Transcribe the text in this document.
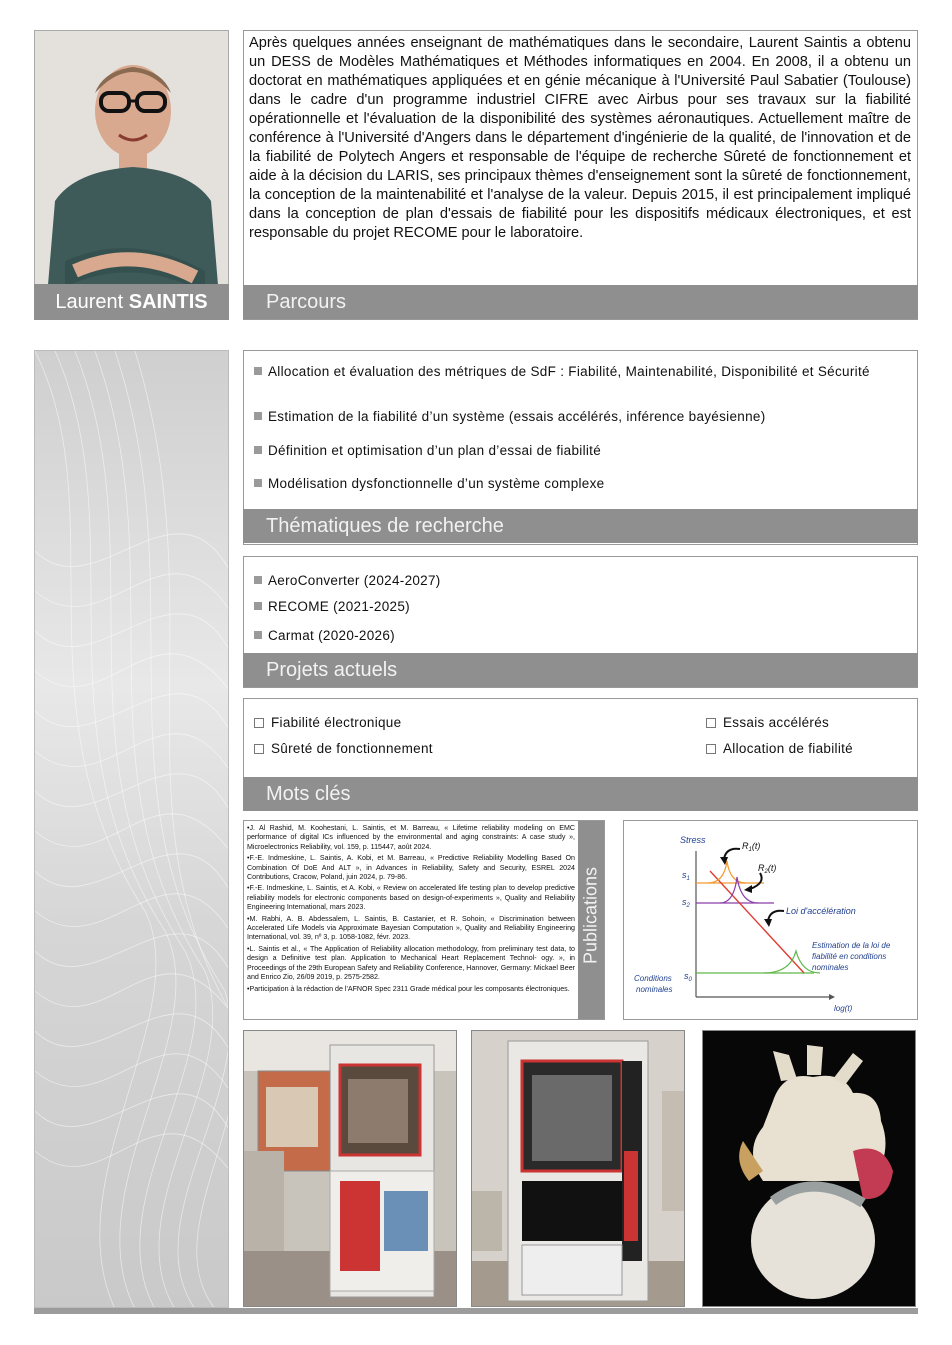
Laurent SAINTIS
Après quelques années enseignant de mathématiques dans le secondaire, Laurent Saintis a obtenu un DESS de Modèles Mathématiques et Méthodes informatiques en 2004. En 2008, il a obtenu un doctorat en mathématiques appliquées et en génie mécanique à l'Université Paul Sabatier (Toulouse) dans le cadre d'un programme industriel CIFRE avec Airbus pour ses travaux sur la fiabilité opérationnelle et l'évaluation de la disponibilité des systèmes aéronautiques. Actuellement maître de conférence à l'Université d'Angers dans le département d'ingénierie de la qualité, de l'innovation et de la fiabilité de Polytech Angers et responsable de l'équipe de recherche Sûreté de fonctionnement et aide à la décision du LARIS, ses principaux thèmes d'enseignement sont la sûreté de fonctionnement, la conception de la maintenabilité et l'analyse de la valeur. Depuis 2015, il est principalement impliqué dans la conception de plan d'essais de fiabilité pour les dispositifs médicaux électroniques, et est responsable du projet RECOME pour le laboratoire.
Parcours
Allocation et évaluation des métriques de SdF : Fiabilité, Maintenabilité, Disponibilité et Sécurité
Estimation de la fiabilité d’un système (essais accélérés, inférence bayésienne)
Définition et optimisation d’un plan d’essai de fiabilité
Modélisation dysfonctionnelle d’un système complexe
Thématiques de recherche
AeroConverter (2024-2027)
RECOME (2021-2025)
Carmat (2020-2026)
Projets actuels
Fiabilité électronique	Essais accélérés
Sûreté de fonctionnement	Allocation de fiabilité
Mots clés

•J. Al Rashid, M. Koohestani, L. Saintis, et M. Barreau, « Lifetime reliability modeling on EMC performance of digital ICs influenced by the environmental and aging constraints: A case study », Microelectronics Reliability, vol. 159, p. 115447, août 2024.

•F.-E. Indmeskine, L. Saintis, A. Kobi, et M. Barreau, « Predictive Reliability Modelling Based On Combination Of DoE And ALT », in Advances in Reliability, Safety and Security, ESREL 2024 Contributions, Cracow, Poland, juin 2024, p. 79-86.

•F.-E. Indmeskine, L. Saintis, et A. Kobi, « Review on accelerated life testing plan to develop predictive reliability models for electronic components based on design-of-experiments », Quality and Reliability Engineering International, mars 2023.

•M. Rabhi, A. B. Abdessalem, L. Saintis, B. Castanier, et R. Sohoin, « Discrimination between Accelerated Life Models via Approximate Bayesian Computation », Quality and Reliability Engineering International, vol. 39, nº 3, p. 1058-1082, févr. 2023.

•L. Saintis et al., « The Application of Reliability allocation methodology, from preliminary test data, to design a Definitive test plan. Application to Mechanical Heart Replacement Technol- ogy. », in Proceedings of the 29th European Safety and Reliability Conference, Hannover, Germany: Mickael Beer and Enrico Zio, 26/09 2019, p. 2575-2582.

•Participation à la rédaction de l'AFNOR Spec 2311 Grade médical pour les composants électroniques.

Publications
Stress
$s_1$
$s_2$
$s_0$
$R_1(t)$
$R_2(t)$
Loi d'accélération
Estimation de la loi de
fiabilité en conditions
nominales
Conditions
nominales
log(t)
